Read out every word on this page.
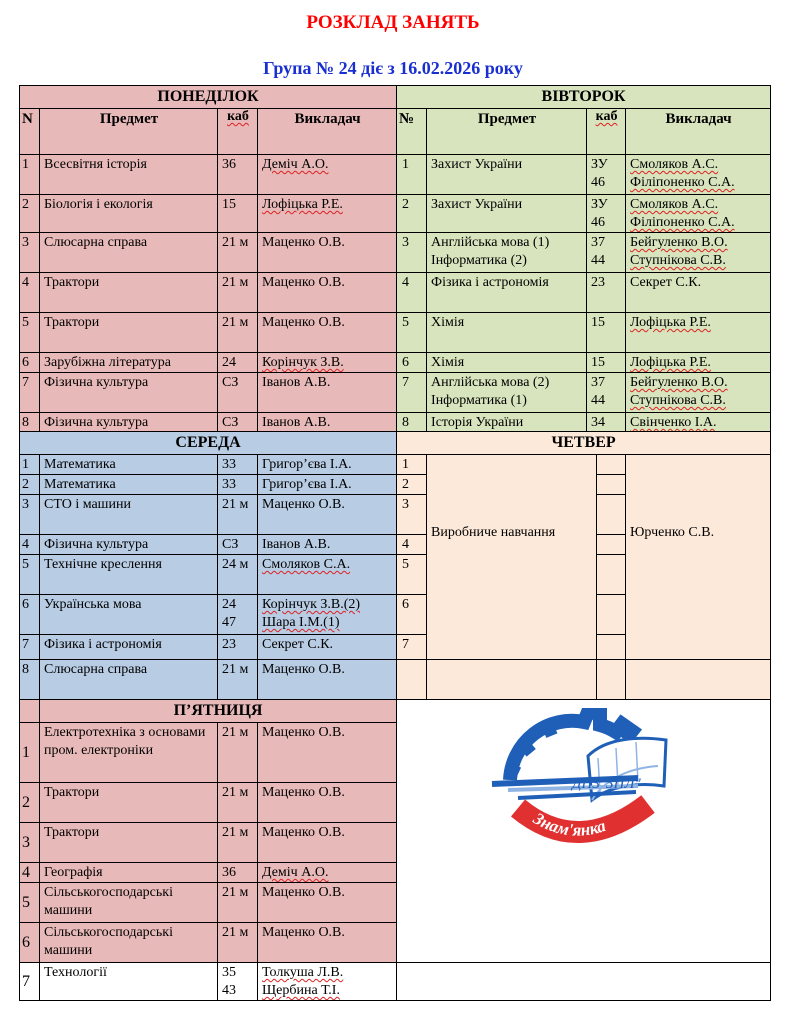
РОЗКЛАД ЗАНЯТЬ
Група № 24 діє з 16.02.2026 року
ПОНЕДІЛОК				ВІВТОРОК			
N	Предмет	каб	Викладач	№	Предмет	каб	Викладач
1	Всесвітня історія	36	Деміч А.О.	1	Захист України	ЗУ 46	Смоляков А.С. Філіпоненко С.А.
2	Біологія і екологія	15	Лофіцька Р.Е.	2	Захист України	ЗУ 46	Смоляков А.С. Філіпоненко С.А.
3	Слюсарна справа	21 м	Маценко О.В.	3	Англійська мова (1) Інформатика (2)	37 44	Бейгуленко В.О. Ступнікова С.В.
4	Трактори	21 м	Маценко О.В.	4	Фізика і астрономія	23	Секрет С.К.
5	Трактори	21 м	Маценко О.В.	5	Хімія	15	Лофіцька Р.Е.
6	Зарубіжна література	24	Корінчук З.В.	6	Хімія	15	Лофіцька Р.Е.
7	Фізична культура	СЗ	Іванов А.В.	7	Англійська мова (2) Інформатика (1)	37 44	Бейгуленко В.О. Ступнікова С.В.
8	Фізична культура	СЗ	Іванов А.В.	8	Історія України	34	Свінченко І.А.
СЕРЕДА				ЧЕТВЕР			
1	Математика	33	Григор’єва І.А.	1	Виробниче навчання		Юрченко С.В.
2	Математика	33	Григор’єва І.А.	2			
3	СТО і машини	21 м	Маценко О.В.	3			
4	Фізична культура	СЗ	Іванов А.В.	4			
5	Технічне креслення	24 м	Смоляков С.А.	5			
6	Українська мова	24 47	Корінчук З.В.(2) Шара І.М.(1)	6			
7	Фізика і астрономія	23	Секрет С.К.	7			
8	Слюсарна справа	21 м	Маценко О.В.				
	П’ЯТНИЦЯ			
1	Електротехніка з основами пром. електроніки	21 м	Маценко О.В.	
2	Трактори	21 м	Маценко О.В.	
3	Трактори	21 м	Маценко О.В.	
4	Географія	36	Деміч А.О.	
5	Сільськогосподарські машини	21 м	Маценко О.В.	
6	Сільськогосподарські машини	21 м	Маценко О.В.	
7	Технології	35 43	Толкуша Л.В. Щербина Т.І.	
ДНЗ"ЗПЛ"
Знам'янка
